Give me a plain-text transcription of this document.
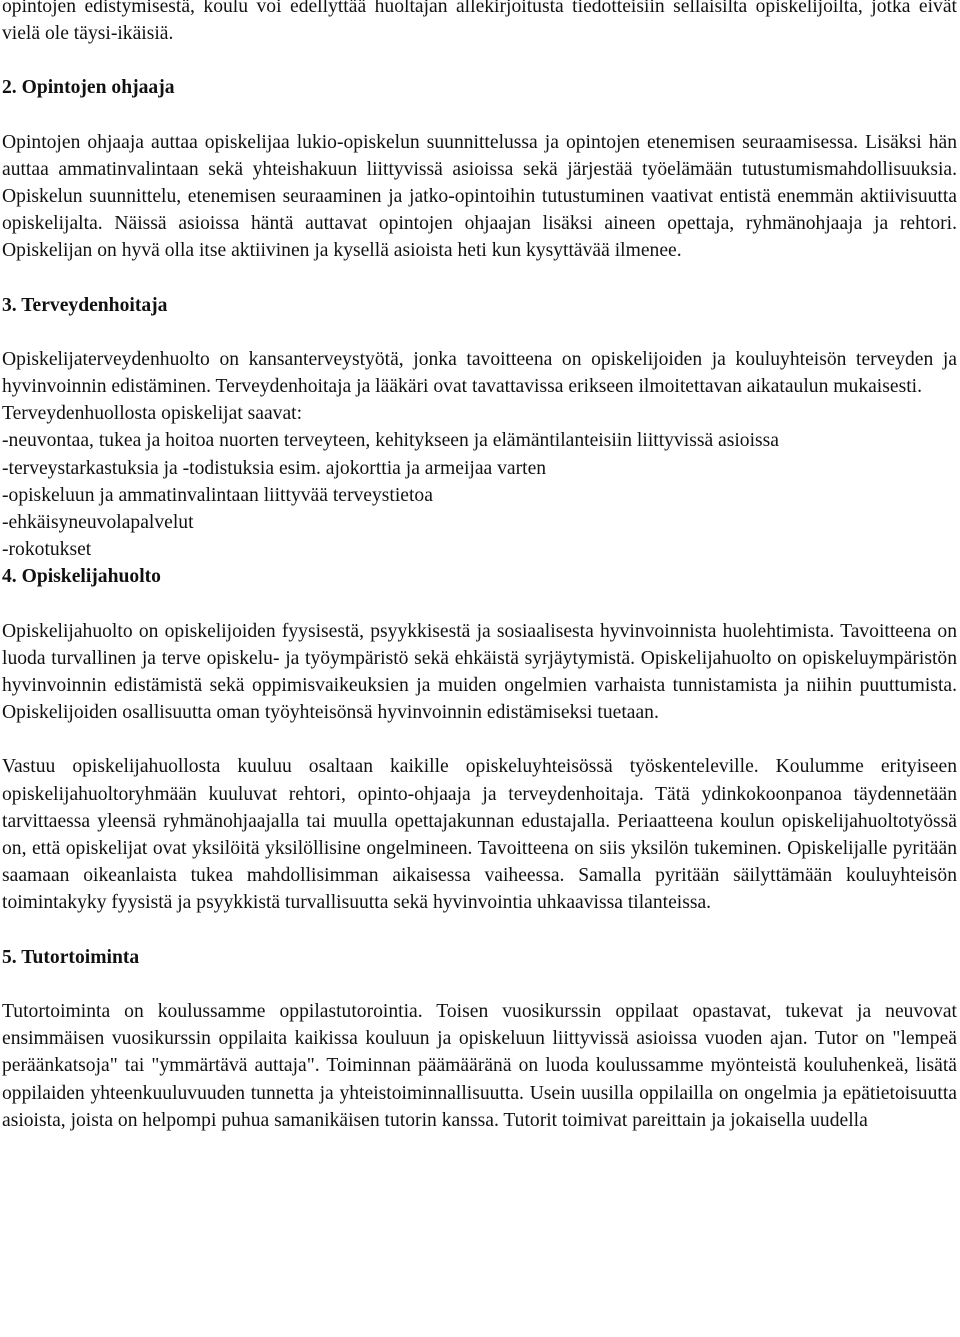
opintojen edistymisestä, koulu voi edellyttää huoltajan allekirjoitusta tiedotteisiin sellaisilta opiskelijoilta, jotka eivät vielä ole täysi-ikäisiä.

2. Opintojen ohjaaja

Opintojen ohjaaja auttaa opiskelijaa lukio-opiskelun suunnittelussa ja opintojen etenemisen seuraamisessa. Lisäksi hän auttaa ammatinvalintaan sekä yhteishakuun liittyvissä asioissa sekä järjestää työelämään tutustumismahdollisuuksia. Opiskelun suunnittelu, etenemisen seuraaminen ja jatko-opintoihin tutustuminen vaativat entistä enemmän aktiivisuutta opiskelijalta. Näissä asioissa häntä auttavat opintojen ohjaajan lisäksi aineen opettaja, ryhmänohjaaja ja rehtori. Opiskelijan on hyvä olla itse aktiivinen ja kysellä asioista heti kun kysyttävää ilmenee.

3. Terveydenhoitaja

Opiskelijaterveydenhuolto on kansanterveystyötä, jonka tavoitteena on opiskelijoiden ja kouluyhteisön terveyden ja hyvinvoinnin edistäminen. Terveydenhoitaja ja lääkäri ovat tavattavissa erikseen ilmoitettavan aikataulun mukaisesti.

Terveydenhuollosta opiskelijat saavat:

-neuvontaa, tukea ja hoitoa nuorten terveyteen, kehitykseen ja elämäntilanteisiin liittyvissä asioissa

-terveystarkastuksia ja -todistuksia esim. ajokorttia ja armeijaa varten

-opiskeluun ja ammatinvalintaan liittyvää terveystietoa

-ehkäisyneuvolapalvelut

-rokotukset

4. Opiskelijahuolto

Opiskelijahuolto on opiskelijoiden fyysisestä, psyykkisestä ja sosiaalisesta hyvinvoinnista huolehtimista. Tavoitteena on luoda turvallinen ja terve opiskelu- ja työympäristö sekä ehkäistä syrjäytymistä. Opiskelijahuolto on opiskeluympäristön hyvinvoinnin edistämistä sekä oppimisvaikeuksien ja muiden ongelmien varhaista tunnistamista ja niihin puuttumista. Opiskelijoiden osallisuutta oman työyhteisönsä hyvinvoinnin edistämiseksi tuetaan.

Vastuu opiskelijahuollosta kuuluu osaltaan kaikille opiskeluyhteisössä työskenteleville. Koulumme erityiseen opiskelijahuoltoryhmään kuuluvat rehtori, opinto-ohjaaja ja terveydenhoitaja. Tätä ydinkokoonpanoa täydennetään tarvittaessa yleensä ryhmänohjaajalla tai muulla opettajakunnan edustajalla. Periaatteena koulun opiskelijahuoltotyössä on, että opiskelijat ovat yksilöitä yksilöllisine ongelmineen. Tavoitteena on siis yksilön tukeminen. Opiskelijalle pyritään saamaan oikeanlaista tukea mahdollisimman aikaisessa vaiheessa. Samalla pyritään säilyttämään kouluyhteisön toimintakyky fyysistä ja psyykkistä turvallisuutta sekä hyvinvointia uhkaavissa tilanteissa.

5. Tutortoiminta

Tutortoiminta on koulussamme oppilastutorointia. Toisen vuosikurssin oppilaat opastavat, tukevat ja neuvovat ensimmäisen vuosikurssin oppilaita kaikissa kouluun ja opiskeluun liittyvissä asioissa vuoden ajan. Tutor on "lempeä peräänkatsoja" tai "ymmärtävä auttaja". Toiminnan päämääränä on luoda koulussamme myönteistä kouluhenkeä, lisätä oppilaiden yhteenkuuluvuuden tunnetta ja yhteistoiminnallisuutta. Usein uusilla oppilailla on ongelmia ja epätietoisuutta asioista, joista on helpompi puhua samanikäisen tutorin kanssa. Tutorit toimivat pareittain ja jokaisella uudella
